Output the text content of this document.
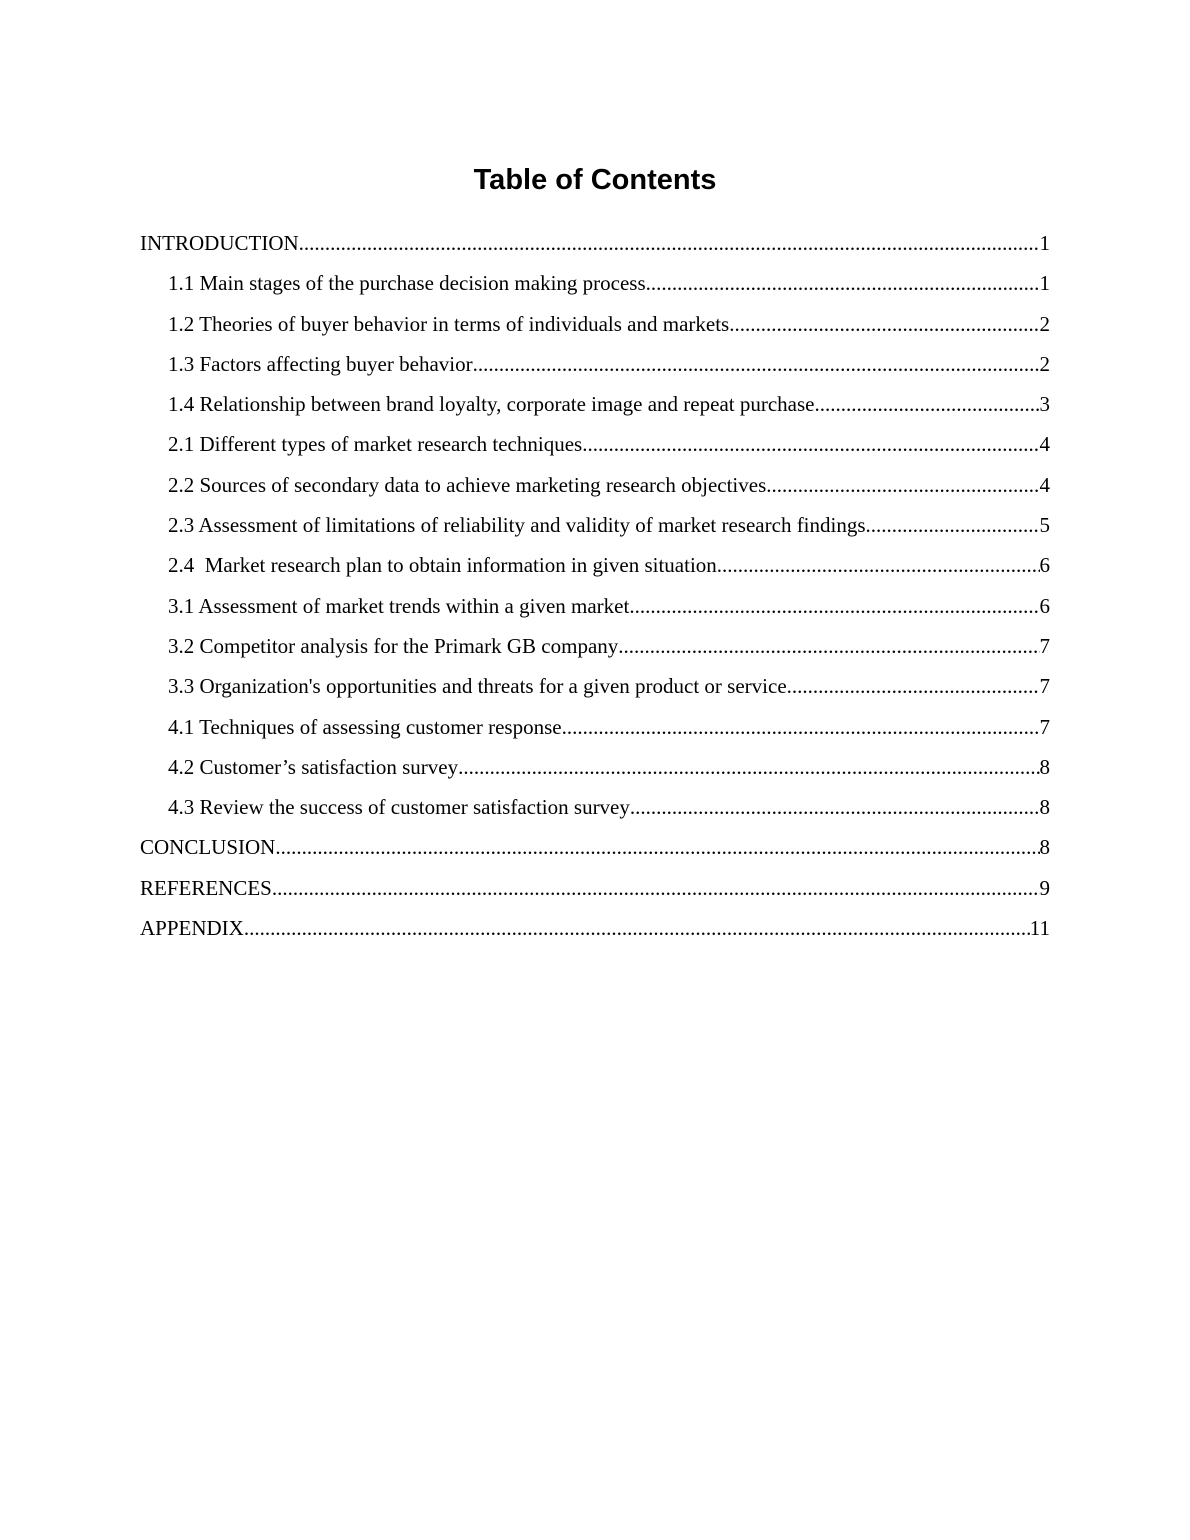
Table of Contents
INTRODUCTION .....	1
1.1 Main stages of the purchase decision making process .....	1
1.2 Theories of buyer behavior in terms of individuals and markets .....	2
1.3 Factors affecting buyer behavior .....	2
1.4 Relationship between brand loyalty, corporate image and repeat purchase .....	3
2.1 Different types of market research techniques .....	4
2.2 Sources of secondary data to achieve marketing research objectives .....	4
2.3 Assessment of limitations of reliability and validity of market research findings .....	5
2.4  Market research plan to obtain information in given situation .....	6
3.1 Assessment of market trends within a given market .....	6
3.2 Competitor analysis for the Primark GB company .....	7
3.3 Organization's opportunities and threats for a given product or service .....	7
4.1 Techniques of assessing customer response .....	7
4.2 Customer’s satisfaction survey .....	8
4.3 Review the success of customer satisfaction survey .....	8
CONCLUSION .....	8
REFERENCES .....	9
APPENDIX .....	11
